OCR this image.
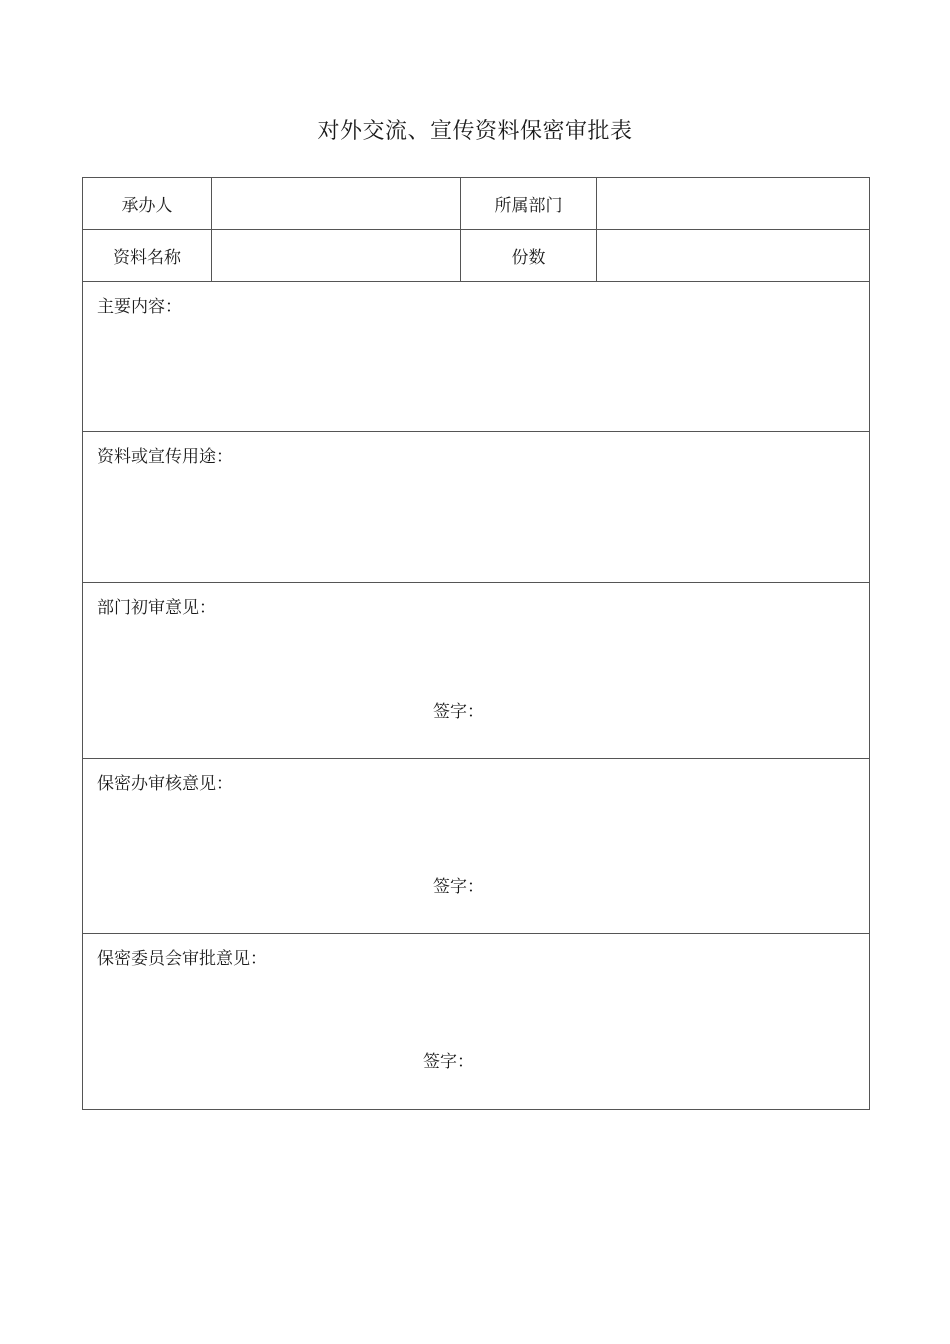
对外交流、宣传资料保密审批表
承办人		所属部门	
资料名称		份数	

主要内容：			

资料或宣传用途：			

部门初审意见：
签字：			

保密办审核意见：
签字：			

保密委员会审批意见：
签字：			
